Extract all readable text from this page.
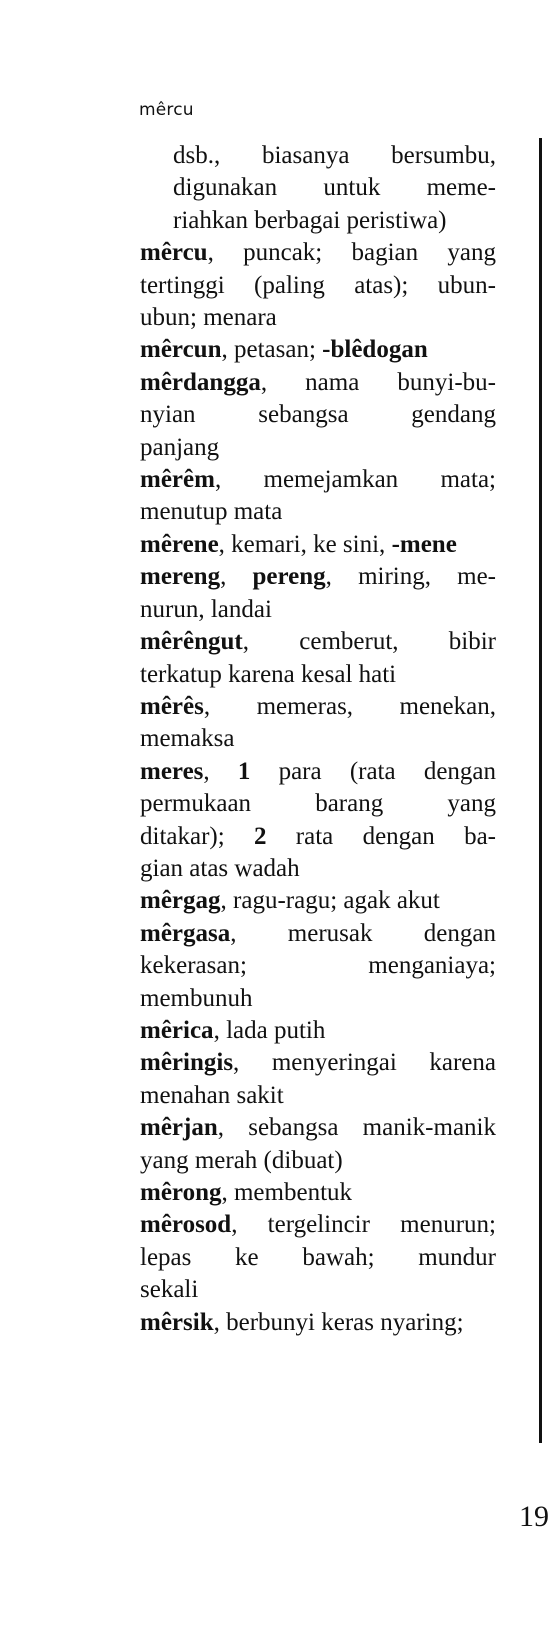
mêrcu
dsb., biasanya bersumbu,
digunakan untuk meme-
riahkan berbagai peristiwa)
mêrcu, puncak; bagian yang
tertinggi (paling atas); ubun-
ubun; menara
mêrcun, petasan; -blêdogan
mêrdangga, nama bunyi-bu-
nyian sebangsa gendang
panjang
mêrêm, memejamkan mata;
menutup mata
mêrene, kemari, ke sini, -mene
mereng, pereng, miring, me-
nurun, landai
mêrêngut, cemberut, bibir
terkatup karena kesal hati
mêrês, memeras, menekan,
memaksa
meres, 1 para (rata dengan
permukaan barang yang
ditakar); 2 rata dengan ba-
gian atas wadah
mêrgag, ragu-ragu; agak akut
mêrgasa, merusak dengan
kekerasan; menganiaya;
membunuh
mêrica, lada putih
mêringis, menyeringai karena
menahan sakit
mêrjan, sebangsa manik-manik
yang merah (dibuat)
mêrong, membentuk
mêrosod, tergelincir menurun;
lepas ke bawah; mundur
sekali
mêrsik, berbunyi keras nyaring;
19
